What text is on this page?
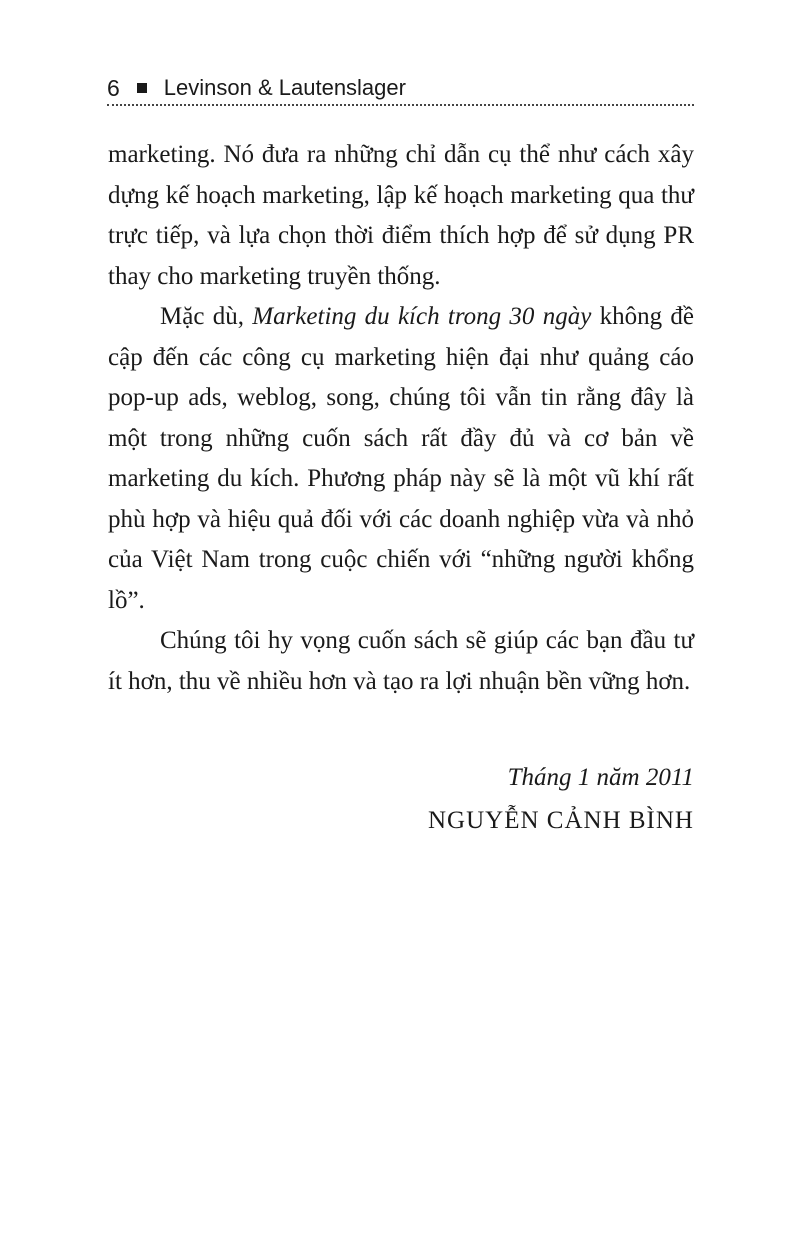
6 Levinson & Lautenslager

marketing. Nó đưa ra những chỉ dẫn cụ thể như cách xây dựng kế hoạch marketing, lập kế hoạch marketing qua thư trực tiếp, và lựa chọn thời điểm thích hợp để sử dụng PR thay cho marketing truyền thống.

Mặc dù, Marketing du kích trong 30 ngày không đề cập đến các công cụ marketing hiện đại như quảng cáo pop-up ads, weblog, song, chúng tôi vẫn tin rằng đây là một trong những cuốn sách rất đầy đủ và cơ bản về marketing du kích. Phương pháp này sẽ là một vũ khí rất phù hợp và hiệu quả đối với các doanh nghiệp vừa và nhỏ của Việt Nam trong cuộc chiến với “những người khổng lồ”.

Chúng tôi hy vọng cuốn sách sẽ giúp các bạn đầu tư ít hơn, thu về nhiều hơn và tạo ra lợi nhuận bền vững hơn.

Tháng 1 năm 2011
NGUYỄN CẢNH BÌNH
